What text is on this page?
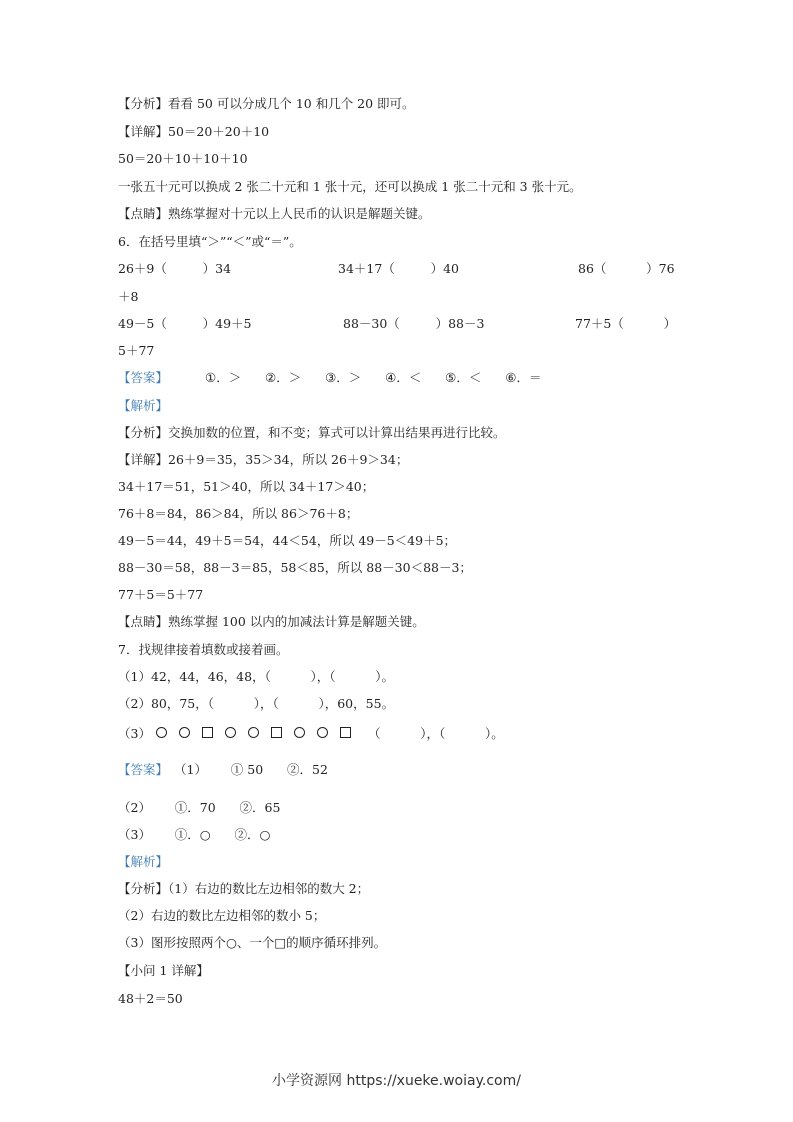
【分析】看看 50 可以分成几个 10 和几个 20 即可。
【详解】50＝20＋20＋10
50＝20＋10＋10＋10
一张五十元可以换成 2 张二十元和 1 张十元，还可以换成 1 张二十元和 3 张十元。
【点睛】熟练掌握对十元以上人民币的认识是解题关键。
6．在括号里填“＞”“＜”或“＝”。
26＋9（         ）34	34＋17（         ）40	86（          ）76
＋8
49－5（         ）49＋5	88－30（         ）88－3	77＋5（          ）
5＋77
【答案】	①．＞      ②．＞      ③．＞      ④．＜      ⑤．＜      ⑥．＝
【解析】
【分析】交换加数的位置，和不变；算式可以计算出结果再进行比较。
【详解】26＋9＝35，35＞34，所以 26＋9＞34；
34＋17＝51，51＞40，所以 34＋17＞40；
76＋8＝84，86＞84，所以 86＞76＋8；
49－5＝44，49＋5＝54，44＜54，所以 49－5＜49＋5；
88－30＝58，88－3＝85，58＜85，所以 88－30＜88－3；
77＋5＝5＋77
【点睛】熟练掌握 100 以内的加减法计算是解题关键。
7．找规律接着填数或接着画。
（1）42，44，46，48，（          ），（          ）。
（2）80，75，（          ），（          ），60，55。
（3）	（          ），（          ）。
【答案】 （1）      ① 50      ②．52
（2）      ①．70      ②．65
（3）      ①．○      ②．○
【解析】
【分析】（1）右边的数比左边相邻的数大 2；
（2）右边的数比左边相邻的数小 5；
（3）图形按照两个○、一个□的顺序循环排列。
【小问 1 详解】
48＋2＝50
小学资源网 https://xueke.woiay.com/
